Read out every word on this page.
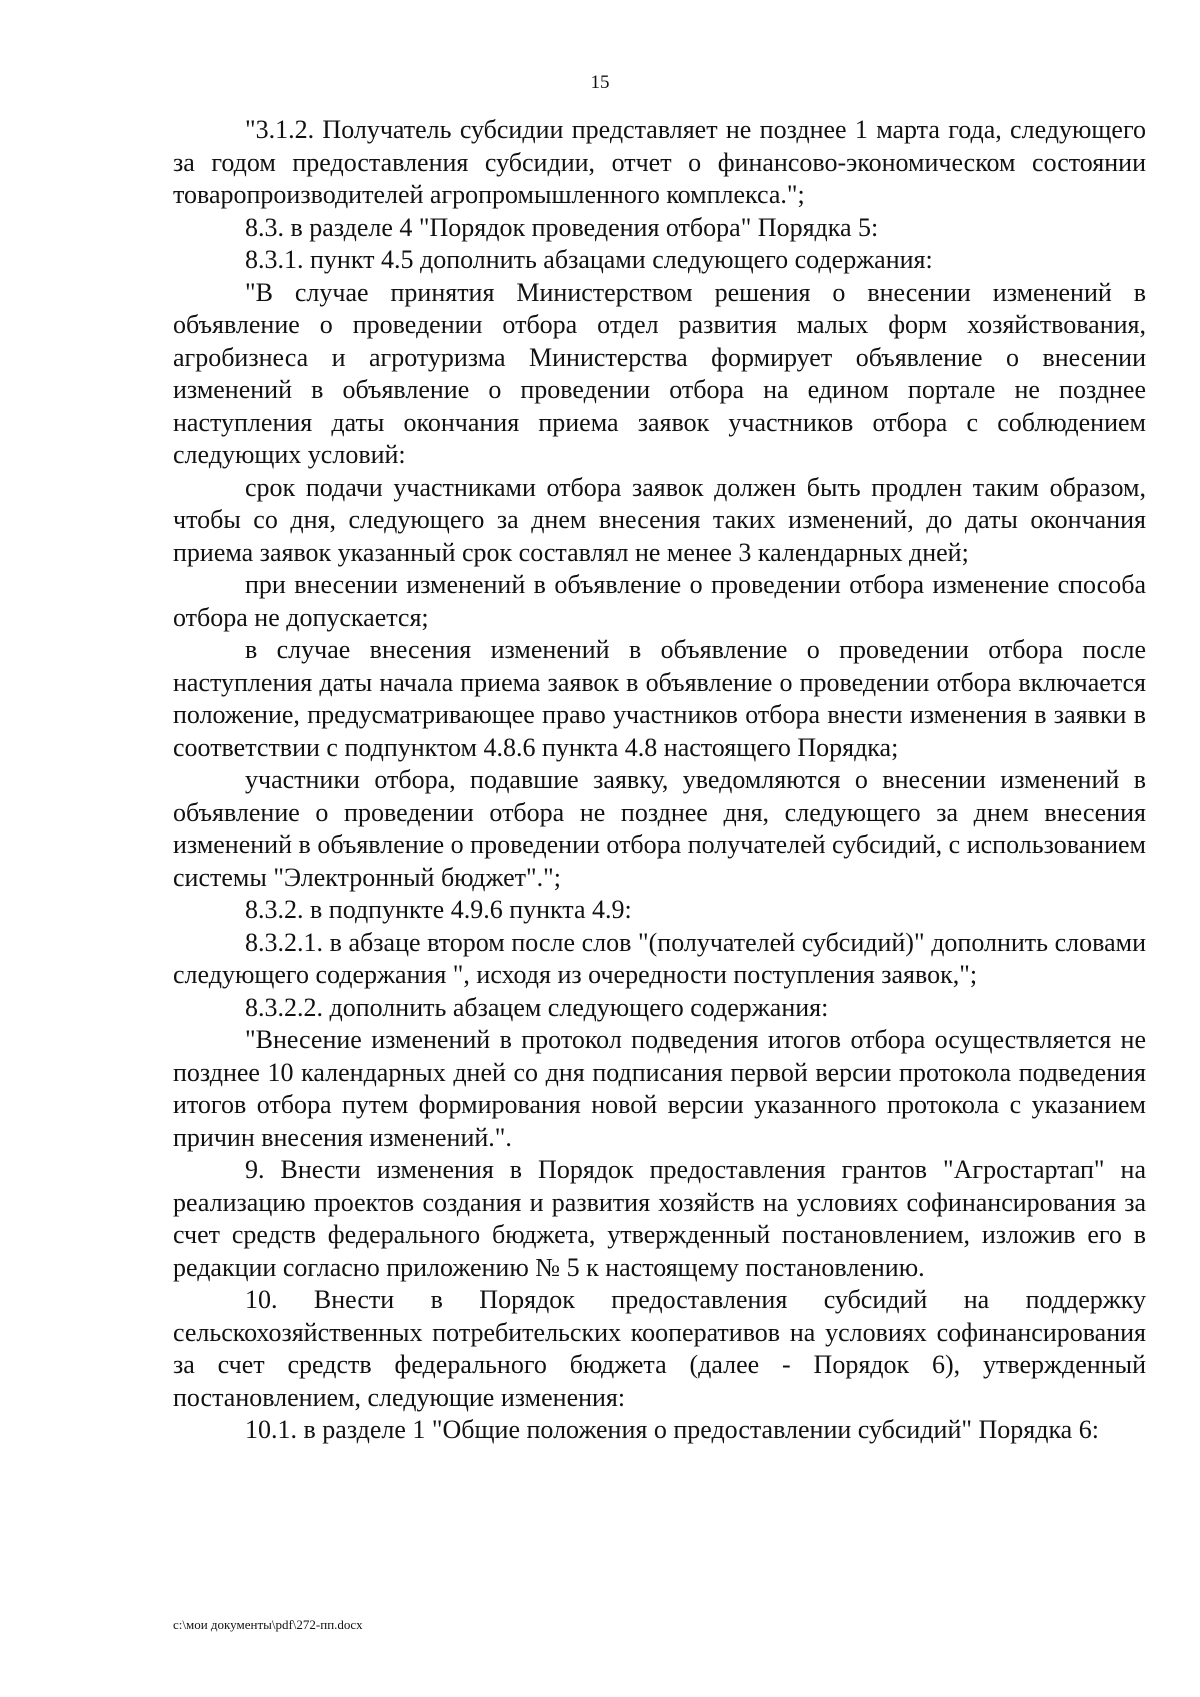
15

"3.1.2. Получатель субсидии представляет не позднее 1 марта года, следующего за годом предоставления субсидии, отчет о финансово-экономическом состоянии товаропроизводителей агропромышленного комплекса.";

8.3. в разделе 4 "Порядок проведения отбора" Порядка 5:

8.3.1. пункт 4.5 дополнить абзацами следующего содержания:

"В случае принятия Министерством решения о внесении изменений в объявление о проведении отбора отдел развития малых форм хозяйствования, агробизнеса и агротуризма Министерства формирует объявление о внесении изменений в объявление о проведении отбора на едином портале не позднее наступления даты окончания приема заявок участников отбора с соблюдением следующих условий:

срок подачи участниками отбора заявок должен быть продлен таким образом, чтобы со дня, следующего за днем внесения таких изменений, до даты окончания приема заявок указанный срок составлял не менее 3 календарных дней;

при внесении изменений в объявление о проведении отбора изменение способа отбора не допускается;

в случае внесения изменений в объявление о проведении отбора после наступления даты начала приема заявок в объявление о проведении отбора включается положение, предусматривающее право участников отбора внести изменения в заявки в соответствии с подпунктом 4.8.6 пункта 4.8 настоящего Порядка;

участники отбора, подавшие заявку, уведомляются о внесении изменений в объявление о проведении отбора не позднее дня, следующего за днем внесения изменений в объявление о проведении отбора получателей субсидий, с использованием системы "Электронный бюджет".";

8.3.2. в подпункте 4.9.6 пункта 4.9:

8.3.2.1. в абзаце втором после слов "(получателей субсидий)" дополнить словами следующего содержания ", исходя из очередности поступления заявок,";

8.3.2.2. дополнить абзацем следующего содержания:

"Внесение изменений в протокол подведения итогов отбора осуществляется не позднее 10 календарных дней со дня подписания первой версии протокола подведения итогов отбора путем формирования новой версии указанного протокола с указанием причин внесения изменений.".

9. Внести изменения в Порядок предоставления грантов "Агростартап" на реализацию проектов создания и развития хозяйств на условиях софинансирования за счет средств федерального бюджета, утвержденный постановлением, изложив его в редакции согласно приложению № 5 к настоящему постановлению.

10. Внести в Порядок предоставления субсидий на поддержку сельскохозяйственных потребительских кооперативов на условиях софинансирования за счет средств федерального бюджета (далее - Порядок 6), утвержденный постановлением, следующие изменения:

10.1. в разделе 1 "Общие положения о предоставлении субсидий" Порядка 6:

c:\мои документы\pdf\272-пп.docx
